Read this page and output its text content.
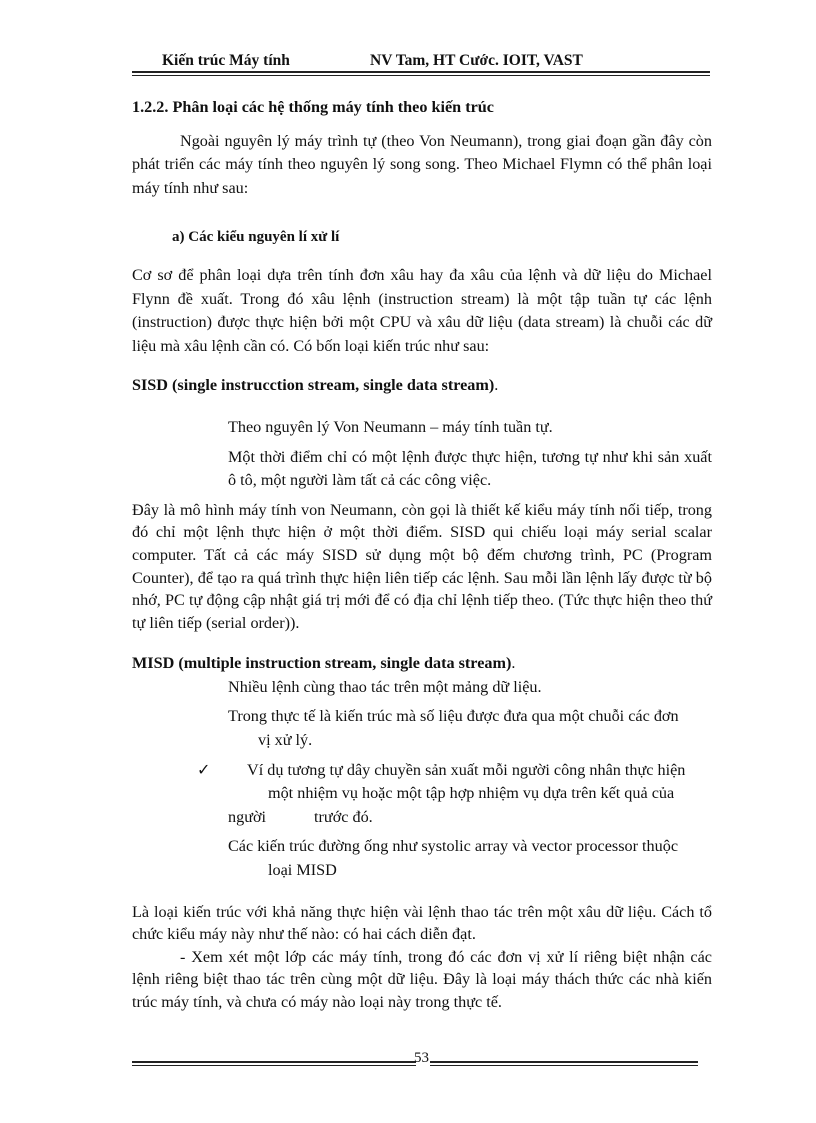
Kiến trúc Máy tính	NV Tam, HT Cước. IOIT, VAST

1.2.2. Phân loại các hệ thống máy tính theo kiến trúc

Ngoài nguyên lý máy trình tự (theo Von Neumann), trong giai đoạn gần đây còn phát triển các máy tính theo nguyên lý song song. Theo Michael Flymn có thể phân loại máy tính như sau:

a) Các kiểu nguyên lí xử lí

Cơ sơ để phân loại dựa trên tính đơn xâu hay đa xâu của lệnh và dữ liệu do Michael Flynn đề xuất. Trong đó xâu lệnh (instruction stream) là một tập tuần tự các lệnh (instruction) được thực hiện bởi một CPU và xâu dữ liệu (data stream) là chuỗi các dữ liệu mà xâu lệnh cần có. Có bốn loại kiến trúc như sau:

SISD (single instrucction stream, single data stream).

Theo nguyên lý Von Neumann – máy tính tuần tự.

Một thời điểm chỉ có một lệnh được thực hiện, tương tự như khi sản xuất ô tô, một người làm tất cả các công việc.

Đây là mô hình máy tính von Neumann, còn gọi là thiết kế kiểu máy tính nối tiếp, trong đó chỉ một lệnh thực hiện ở một thời điểm. SISD qui chiếu loại máy serial scalar computer. Tất cả các máy SISD sử dụng một bộ đếm chương trình, PC (Program Counter), để tạo ra quá trình thực hiện liên tiếp các lệnh. Sau mỗi lần lệnh lấy được từ bộ nhớ, PC tự động cập nhật giá trị mới để có địa chỉ lệnh tiếp theo. (Tức thực hiện theo thứ tự liên tiếp (serial order)).

MISD (multiple instruction stream, single data stream).

Nhiều lệnh cùng thao tác trên một mảng dữ liệu.

Trong thực tế là kiến trúc mà số liệu được đưa qua một chuỗi các đơn

vị xử lý.

✓ Ví dụ tương tự dây chuyền sản xuất mỗi người công nhân thực hiện

một nhiệm vụ hoặc một tập hợp nhiệm vụ dựa trên kết quả của

người	trước đó.

Các kiến trúc đường ống như systolic array và vector processor thuộc

loại MISD

Là loại kiến trúc với khả năng thực hiện vài lệnh thao tác trên một xâu dữ liệu. Cách tổ chức kiểu máy này như thế nào: có hai cách diễn đạt.

- Xem xét một lớp các máy tính, trong đó các đơn vị xử lí riêng biệt nhận các lệnh riêng biệt thao tác trên cùng một dữ liệu. Đây là loại máy thách thức các nhà kiến trúc máy tính, và chưa có máy nào loại này trong thực tế.

53
